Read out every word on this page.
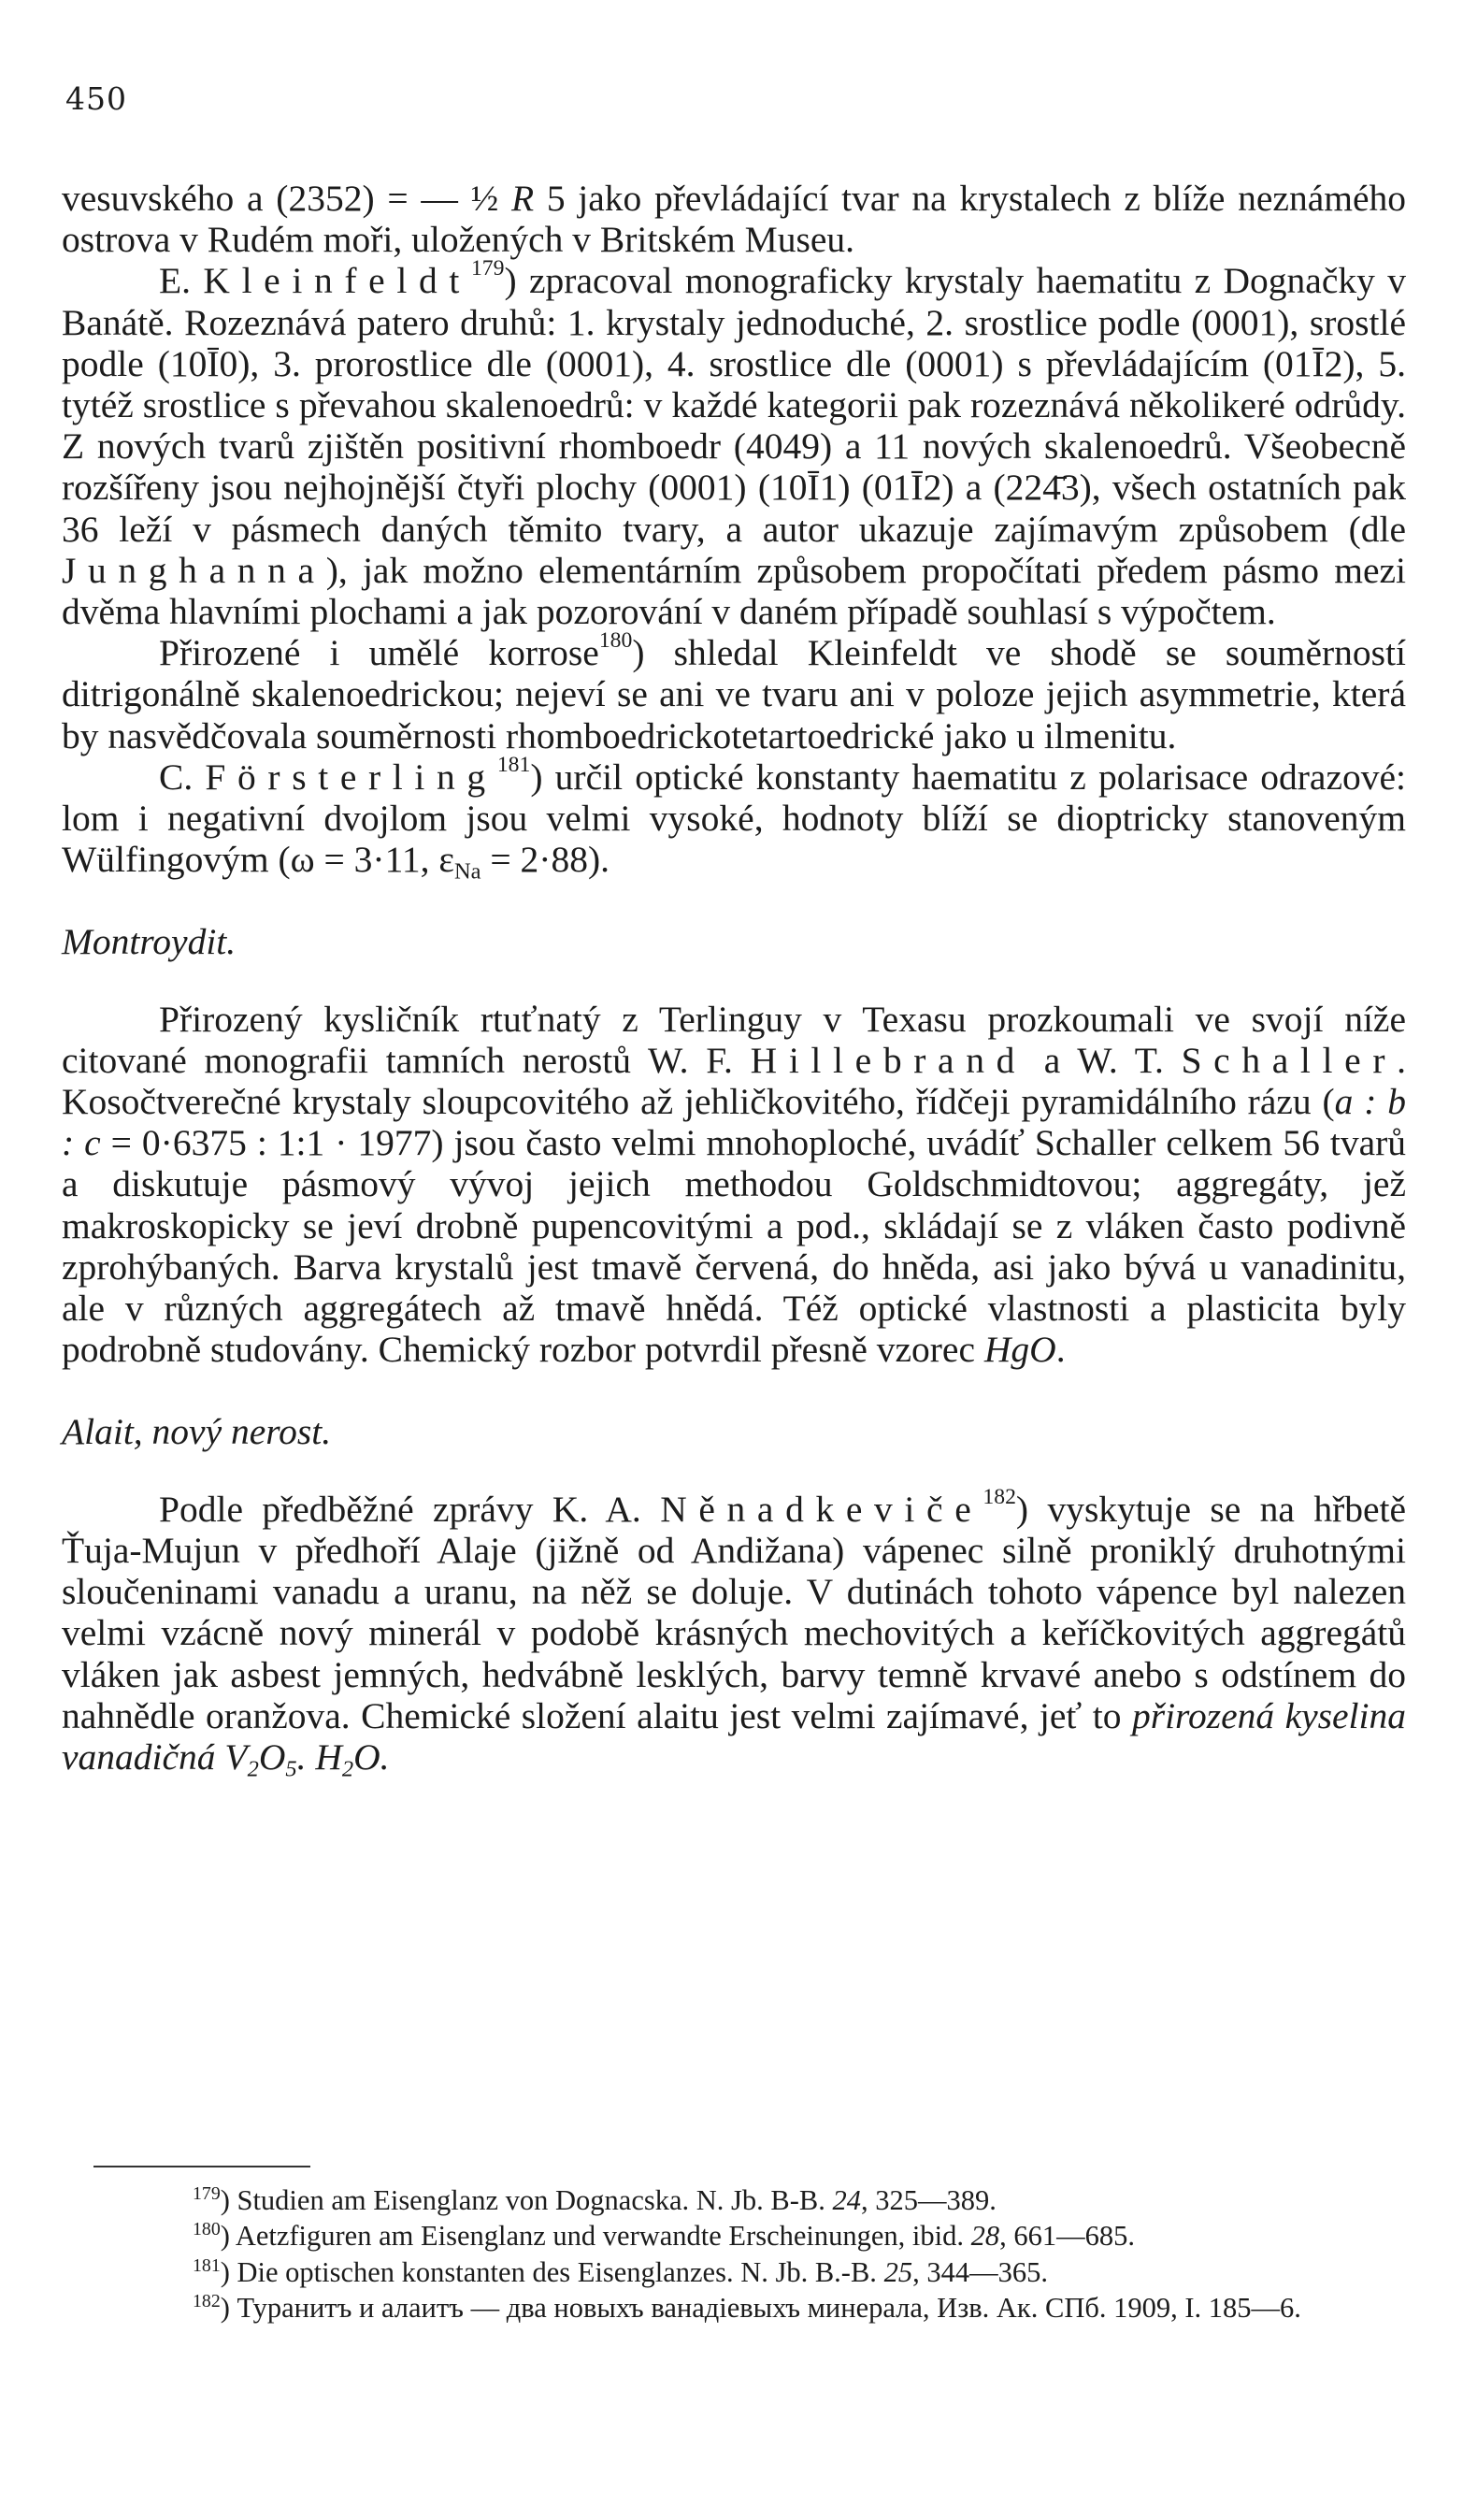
450

vesuvského a (2352) = — ½ R 5 jako převládající tvar na krystalech z blíže neznámého ostrova v Rudém moři, uložených v Britském Museu.

E. Kleinfeldt$^{179}$) zpracoval monograficky krystaly haematitu z Dognačky v Banátě. Rozeznává patero druhů: 1. krystaly jednoduché, 2. srostlice podle (0001), srostlé podle (10Ī0), 3. prorostlice dle (0001), 4. srostlice dle (0001) s převládajícím (01Ī2), 5. tytéž srostlice s převahou skalenoedrů: v každé kategorii pak rozeznává několikeré odrůdy. Z nových tvarů zjištěn positivní rhomboedr (4049) a 11 nových skalenoedrů. Všeobecně rozšířeny jsou nejhojnější čtyři plochy (0001) (10Ī1) (01Ī2) a (224̄3), všech ostatních pak 36 leží v pásmech daných těmito tvary, a autor ukazuje zajímavým způsobem (dle Junghanna), jak možno elementárním způsobem propočítati předem pásmo mezi dvěma hlavními plochami a jak pozorování v daném případě souhlasí s výpočtem.

Přirozené i umělé korrose$^{180}$) shledal Kleinfeldt ve shodě se souměrností ditrigonálně skalenoedrickou; nejeví se ani ve tvaru ani v poloze jejich asymmetrie, která by nasvědčovala souměrnosti rhomboedrickotetartoedrické jako u ilmenitu.

C. Försterling$^{181}$) určil optické konstanty haematitu z polarisace odrazové: lom i negativní dvojlom jsou velmi vysoké, hodnoty blíží se dioptricky stanoveným Wülfingovým (ω = 3·11, $\varepsilon_{Na} = 2\cdot 88$).

Montroydit.

Přirozený kysličník rtuťnatý z Terlinguy v Texasu prozkoumali ve svojí níže citované monografii tamních nerostů W. F. Hillebrand a W. T. Schaller. Kosočtverečné krystaly sloupcovitého až jehličkovitého, řídčeji pyramidálního rázu (a : b : c = 0·6375 : 1:1 · 1977) jsou často velmi mnohoploché, uvádíť Schaller celkem 56 tvarů a diskutuje pásmový vývoj jejich methodou Goldschmidtovou; aggregáty, jež makroskopicky se jeví drobně pupencovitými a pod., skládají se z vláken často podivně zprohýbaných. Barva krystalů jest tmavě červená, do hněda, asi jako bývá u vanadinitu, ale v různých aggregátech až tmavě hnědá. Též optické vlastnosti a plasticita byly podrobně studovány. Chemický rozbor potvrdil přesně vzorec HgO.

Alait, nový nerost.

Podle předběžné zprávy K. A. Něnadkeviče$^{182}$) vyskytuje se na hřbetě Ťuja-Mujun v předhoří Alaje (jižně od Andižana) vápenec silně proniklý druhotnými sloučeninami vanadu a uranu, na něž se doluje. V dutinách tohoto vápence byl nalezen velmi vzácně nový minerál v podobě krásných mechovitých a keříčkovitých aggregátů vláken jak asbest jemných, hedvábně lesklých, barvy temně krvavé anebo s odstínem do nahnědle oranžova. Chemické složení alaitu jest velmi zajímavé, jeť to přirozená kyselina vanadičná $V_2O_5$. $H_2O$.

$^{179}$) Studien am Eisenglanz von Dognacska. N. Jb. B-B. 24, 325—389.

$^{180}$) Aetzfiguren am Eisenglanz und verwandte Erscheinungen, ibid. 28, 661—685.

$^{181}$) Die optischen konstanten des Eisenglanzes. N. Jb. B.-B. 25, 344—365.

$^{182}$) Туранитъ и алаитъ — два новыхъ ванадіевыхъ минерала, Изв. Ак. СПб. 1909, I. 185—6.
